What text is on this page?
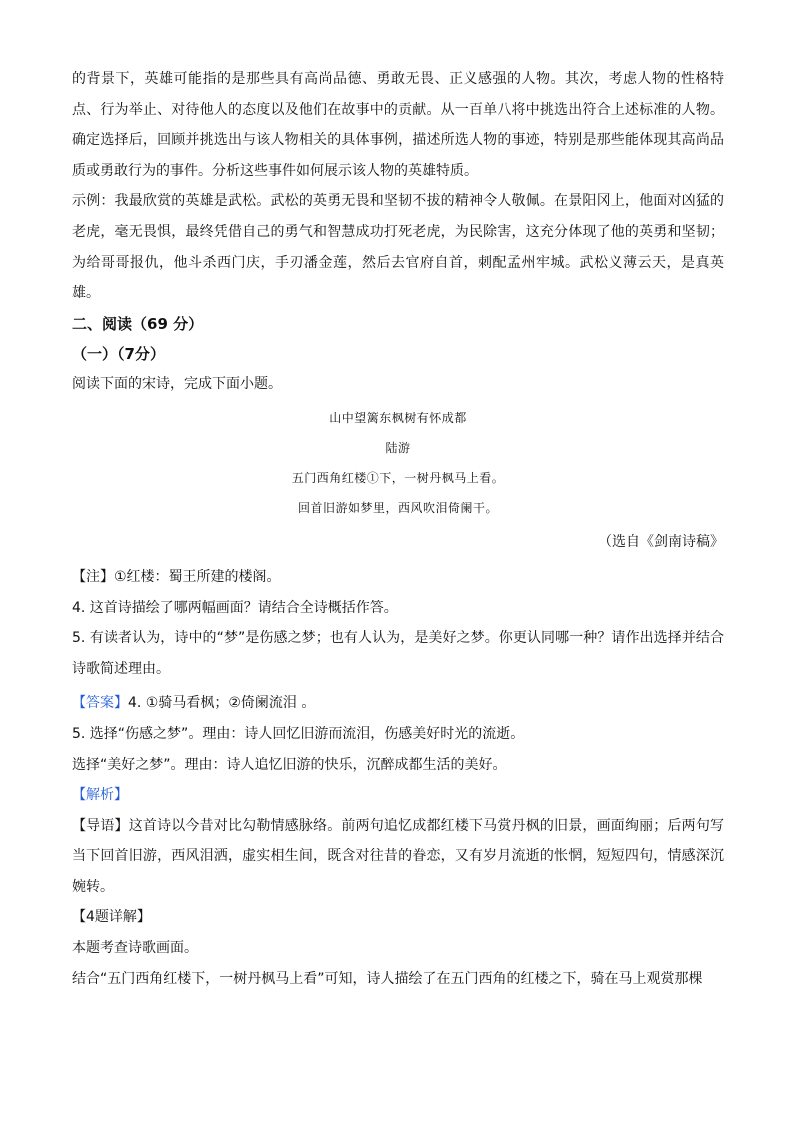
的背景下，英雄可能指的是那些具有高尚品德、勇敢无畏、正义感强的人物。其次，考虑人物的性格特点、行为举止、对待他人的态度以及他们在故事中的贡献。从一百单八将中挑选出符合上述标准的人物。确定选择后，回顾并挑选出与该人物相关的具体事例，描述所选人物的事迹，特别是那些能体现其高尚品质或勇敢行为的事件。分析这些事件如何展示该人物的英雄特质。

示例：我最欣赏的英雄是武松。武松的英勇无畏和坚韧不拔的精神令人敬佩。在景阳冈上，他面对凶猛的老虎，毫无畏惧，最终凭借自己的勇气和智慧成功打死老虎，为民除害，这充分体现了他的英勇和坚韧；为给哥哥报仇，他斗杀西门庆，手刃潘金莲，然后去官府自首，刺配孟州牢城。武松义薄云天，是真英雄。

二、阅读（69 分）

（一）（7分）

阅读下面的宋诗，完成下面小题。

山中望篱东枫树有怀成都

陆游

五门西角红楼①下，一树丹枫马上看。

回首旧游如梦里，西风吹泪倚阑干。

（选自《剑南诗稿》

【注】①红楼：蜀王所建的楼阁。

4. 这首诗描绘了哪两幅画面？请结合全诗概括作答。

5. 有读者认为，诗中的“梦”是伤感之梦；也有人认为，是美好之梦。你更认同哪一种？请作出选择并结合诗歌简述理由。

【答案】4. ①骑马看枫；②倚阑流泪 。

5. 选择“伤感之梦”。理由：诗人回忆旧游而流泪，伤感美好时光的流逝。

选择“美好之梦”。理由：诗人追忆旧游的快乐，沉醉成都生活的美好。

【解析】

【导语】这首诗以今昔对比勾勒情感脉络。前两句追忆成都红楼下马赏丹枫的旧景，画面绚丽；后两句写当下回首旧游，西风泪洒，虚实相生间，既含对往昔的眷恋，又有岁月流逝的怅惘，短短四句，情感深沉婉转。

【4题详解】

本题考查诗歌画面。

结合“五门西角红楼下，一树丹枫马上看”可知，诗人描绘了在五门西角的红楼之下，骑在马上观赏那棵
